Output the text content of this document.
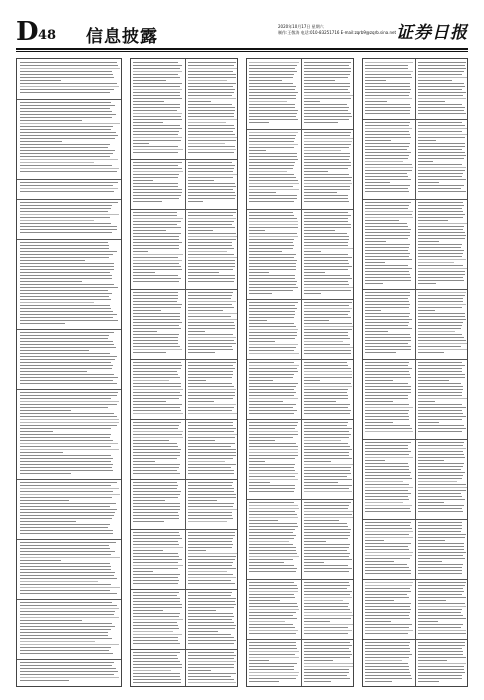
D 48 信息披露
2020年10月17日 星期六
制作:王敬涛 电话:010-83251716 E-mail:zqrb9@zqrb.sina.net 证券日报
